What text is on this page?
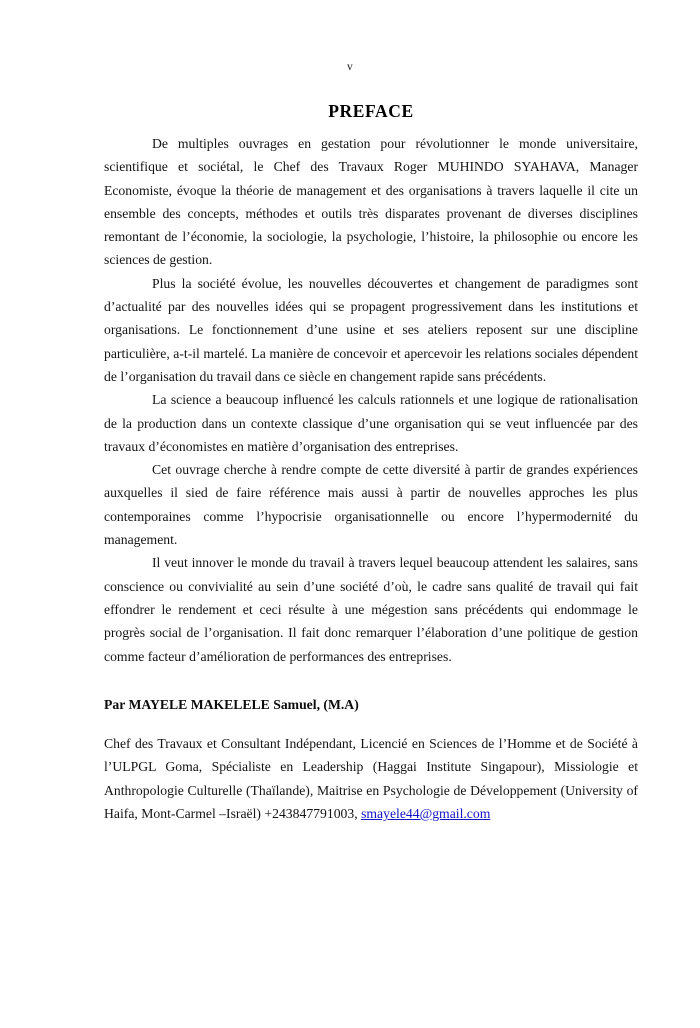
v
PREFACE

De multiples ouvrages en gestation pour révolutionner le monde universitaire, scientifique et sociétal, le Chef des Travaux Roger MUHINDO SYAHAVA, Manager Economiste, évoque la théorie de management et des organisations à travers laquelle il cite un ensemble des concepts, méthodes et outils très disparates provenant de diverses disciplines remontant de l’économie, la sociologie, la psychologie, l’histoire, la philosophie ou encore les sciences de gestion.

Plus la société évolue, les nouvelles découvertes et changement de paradigmes sont d’actualité par des nouvelles idées qui se propagent progressivement dans les institutions et organisations. Le fonctionnement d’une usine et ses ateliers reposent sur une discipline particulière, a-t-il martelé. La manière de concevoir et apercevoir les relations sociales dépendent de l’organisation du travail dans ce siècle en changement rapide sans précédents.

La science a beaucoup influencé les calculs rationnels et une logique de rationalisation de la production dans un contexte classique d’une organisation qui se veut influencée par des travaux d’économistes en matière d’organisation des entreprises.

Cet ouvrage cherche à rendre compte de cette diversité à partir de grandes expériences auxquelles il sied de faire référence mais aussi à partir de nouvelles approches les plus contemporaines comme l’hypocrisie organisationnelle ou encore l’hypermodernité du management.

Il veut innover le monde du travail à travers lequel beaucoup attendent les salaires, sans conscience ou convivialité au sein d’une société d’où, le cadre sans qualité de travail qui fait effondrer le rendement et ceci résulte à une mégestion sans précédents qui endommage le progrès social de l’organisation. Il fait donc remarquer l’élaboration d’une politique de gestion comme facteur d’amélioration de performances des entreprises.

Par MAYELE MAKELELE Samuel, (M.A)

Chef des Travaux et Consultant Indépendant, Licencié en Sciences de l’Homme et de Société à l’ULPGL Goma, Spécialiste en Leadership (Haggai Institute Singapour), Missiologie et Anthropologie Culturelle (Thaïlande), Maitrise en Psychologie de Développement (University of Haifa, Mont-Carmel –Israël) +243847791003, smayele44@gmail.com
